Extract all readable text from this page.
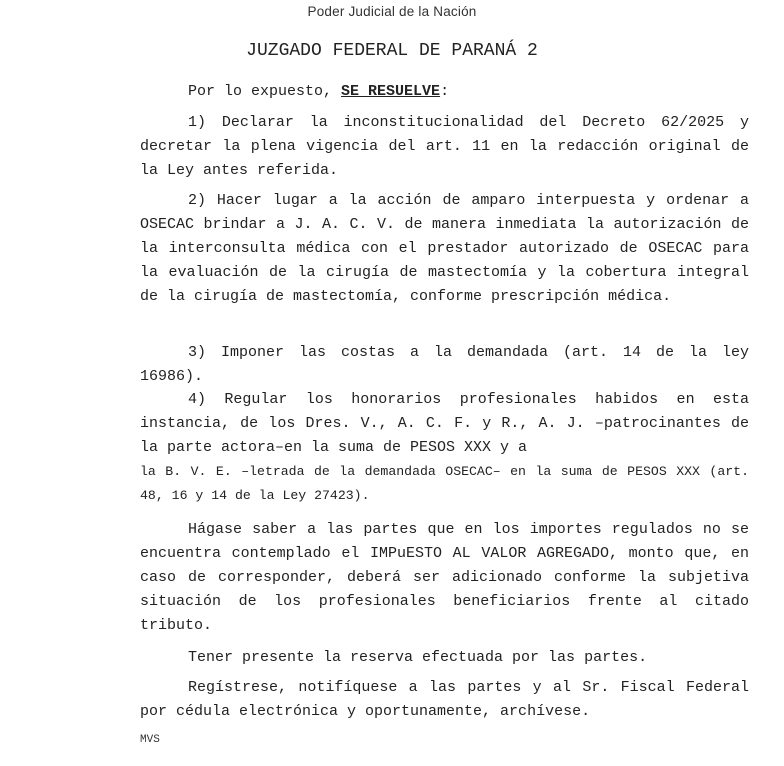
Poder Judicial de la Nación
JUZGADO FEDERAL DE PARANÁ 2

Por lo expuesto, SE RESUELVE:

1) Declarar la inconstitucionalidad del Decreto 62/2025 y decretar la plena vigencia del art. 11 en la redacción original de la Ley antes referida.

2) Hacer lugar a la acción de amparo interpuesta y ordenar a OSECAC brindar a J. A. C. V. de manera inmediata la autorización de la interconsulta médica con el prestador autorizado de OSECAC para la evaluación de la cirugía de mastectomía y la cobertura integral de la cirugía de mastectomía, conforme prescripción médica.

3) Imponer las costas a la demandada (art. 14 de la ley 16986).

4) Regular los honorarios profesionales habidos en esta instancia, de los Dres. V., A. C. F. y R., A. J. –patrocinantes de la parte actora–en la suma de PESOS XXX y a

la B. V. E. –letrada de la demandada OSECAC– en la suma de PESOS XXX (art. 48, 16 y 14 de la Ley 27423).

Hágase saber a las partes que en los importes regulados no se encuentra contemplado el IMPuESTO AL VALOR AGREGADO, monto que, en caso de corresponder, deberá ser adicionado conforme la subjetiva situación de los profesionales beneficiarios frente al citado tributo.

Tener presente la reserva efectuada por las partes.

Regístrese, notifíquese a las partes y al Sr. Fiscal Federal por cédula electrónica y oportunamente, archívese.

MVS
